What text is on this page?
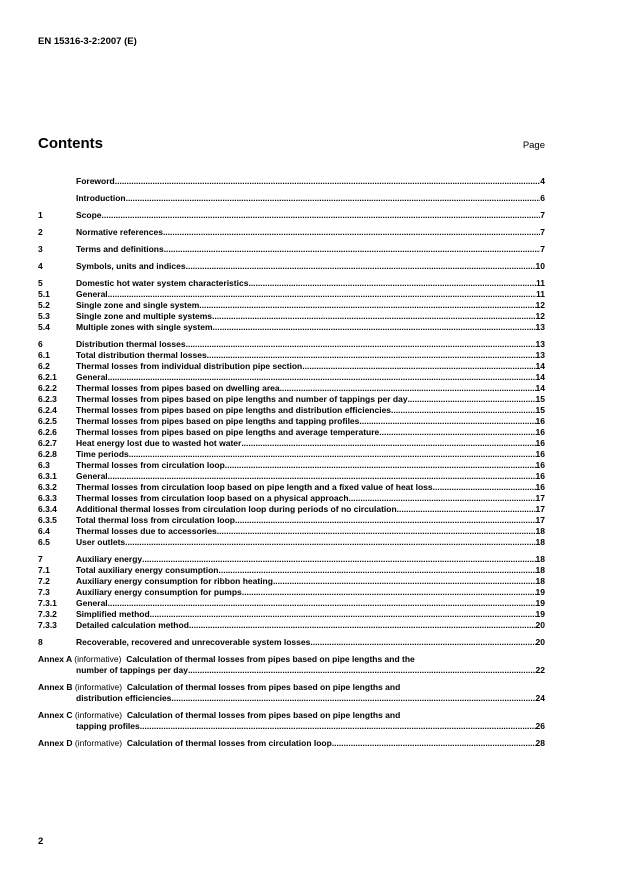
EN 15316-3-2:2007 (E)
Contents	Page
Foreword .....	4
Introduction .....	6
1	Scope .....	7
2	Normative references .....	7
3	Terms and definitions .....	7
4	Symbols, units and indices .....	10
5	Domestic hot water system characteristics .....	11
5.1	General .....	11
5.2	Single zone and single system .....	12
5.3	Single zone and multiple systems .....	12
5.4	Multiple zones with single system .....	13
6	Distribution thermal losses .....	13
6.1	Total distribution thermal losses .....	13
6.2	Thermal losses from individual distribution pipe section .....	14
6.2.1	General .....	14
6.2.2	Thermal losses from pipes based on dwelling area .....	14
6.2.3	Thermal losses from pipes based on pipe lengths and number of tappings per day .....	15
6.2.4	Thermal losses from pipes based on pipe lengths and distribution efficiencies .....	15
6.2.5	Thermal losses from pipes based on pipe lengths and tapping profiles .....	16
6.2.6	Thermal losses from pipes based on pipe lengths and average temperature .....	16
6.2.7	Heat energy lost due to wasted hot water .....	16
6.2.8	Time periods .....	16
6.3	Thermal losses from circulation loop .....	16
6.3.1	General .....	16
6.3.2	Thermal losses from circulation loop based on pipe length and a fixed value of heat loss .....	16
6.3.3	Thermal losses from circulation loop based on a physical approach .....	17
6.3.4	Additional thermal losses from circulation loop during periods of no circulation .....	17
6.3.5	Total thermal loss from circulation loop .....	17
6.4	Thermal losses due to accessories .....	18
6.5	User outlets .....	18
7	Auxiliary energy .....	18
7.1	Total auxiliary energy consumption .....	18
7.2	Auxiliary energy consumption for ribbon heating .....	18
7.3	Auxiliary energy consumption for pumps .....	19
7.3.1	General .....	19
7.3.2	Simplified method .....	19
7.3.3	Detailed calculation method .....	20
8	Recoverable, recovered and unrecoverable system losses .....	20
Annex A (informative) Calculation of thermal losses from pipes based on pipe lengths and the
number of tappings per day .....	22
Annex B (informative) Calculation of thermal losses from pipes based on pipe lengths and
distribution efficiencies .....	24
Annex C (informative) Calculation of thermal losses from pipes based on pipe lengths and
tapping profiles .....	26
Annex D (informative) Calculation of thermal losses from circulation loop .....	28
2
